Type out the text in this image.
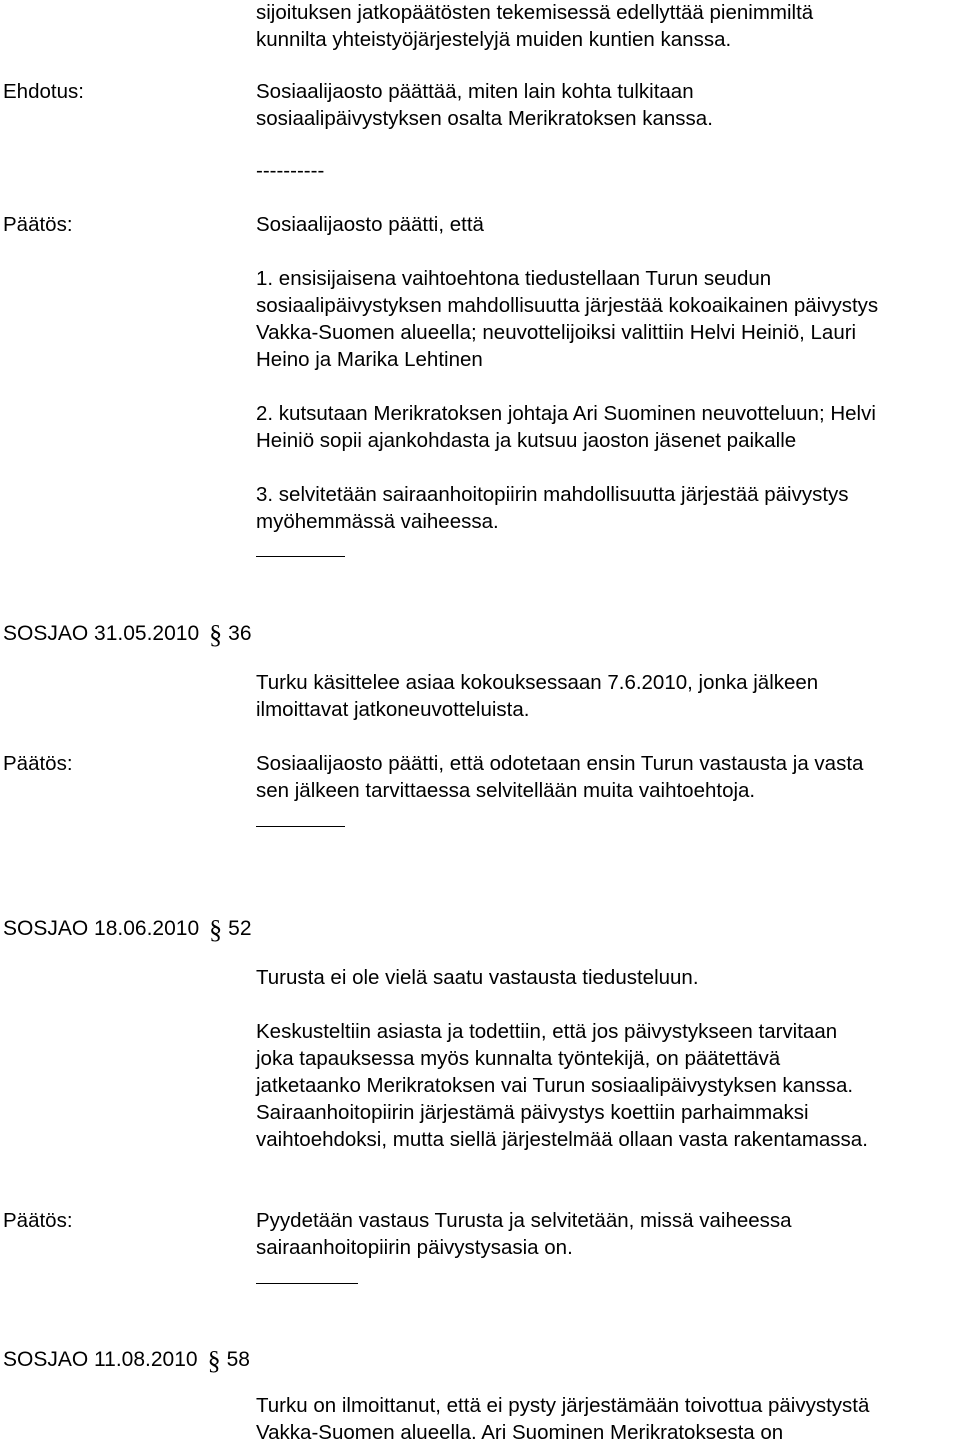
sijoituksen jatkopäätösten tekemisessä edellyttää pienimmiltä
kunnilta yhteistyöjärjestelyjä muiden kuntien kanssa.
Ehdotus:	Sosiaalijaosto päättää, miten lain kohta tulkitaan
sosiaalipäivystyksen osalta Merikratoksen kanssa.
----------
Päätös:	Sosiaalijaosto päätti, että
1. ensisijaisena vaihtoehtona tiedustellaan Turun seudun
sosiaalipäivystyksen mahdollisuutta järjestää kokoaikainen päivystys
Vakka-Suomen alueella; neuvottelijoiksi valittiin Helvi Heiniö, Lauri
Heino ja Marika Lehtinen
2. kutsutaan Merikratoksen johtaja Ari Suominen neuvotteluun; Helvi
Heiniö sopii ajankohdasta ja kutsuu jaoston jäsenet paikalle
3. selvitetään sairaanhoitopiirin mahdollisuutta järjestää päivystys
myöhemmässä vaiheessa.
SOSJAO 31.05.2010 § 36
Turku käsittelee asiaa kokouksessaan 7.6.2010, jonka jälkeen
ilmoittavat jatkoneuvotteluista.
Päätös:	Sosiaalijaosto päätti, että odotetaan ensin Turun vastausta ja vasta
sen jälkeen tarvittaessa selvitellään muita vaihtoehtoja.
SOSJAO 18.06.2010 § 52
Turusta ei ole vielä saatu vastausta tiedusteluun.
Keskusteltiin asiasta ja todettiin, että jos päivystykseen tarvitaan
joka tapauksessa myös kunnalta työntekijä, on päätettävä
jatketaanko Merikratoksen vai Turun sosiaalipäivystyksen kanssa.
Sairaanhoitopiirin järjestämä päivystys koettiin parhaimmaksi
vaihtoehdoksi, mutta siellä järjestelmää ollaan vasta rakentamassa.
Päätös:	Pyydetään vastaus Turusta ja selvitetään, missä vaiheessa
sairaanhoitopiirin päivystysasia on.
SOSJAO 11.08.2010 § 58
Turku on ilmoittanut, että ei pysty järjestämään toivottua päivystystä
Vakka-Suomen alueella. Ari Suominen Merikratoksesta on
